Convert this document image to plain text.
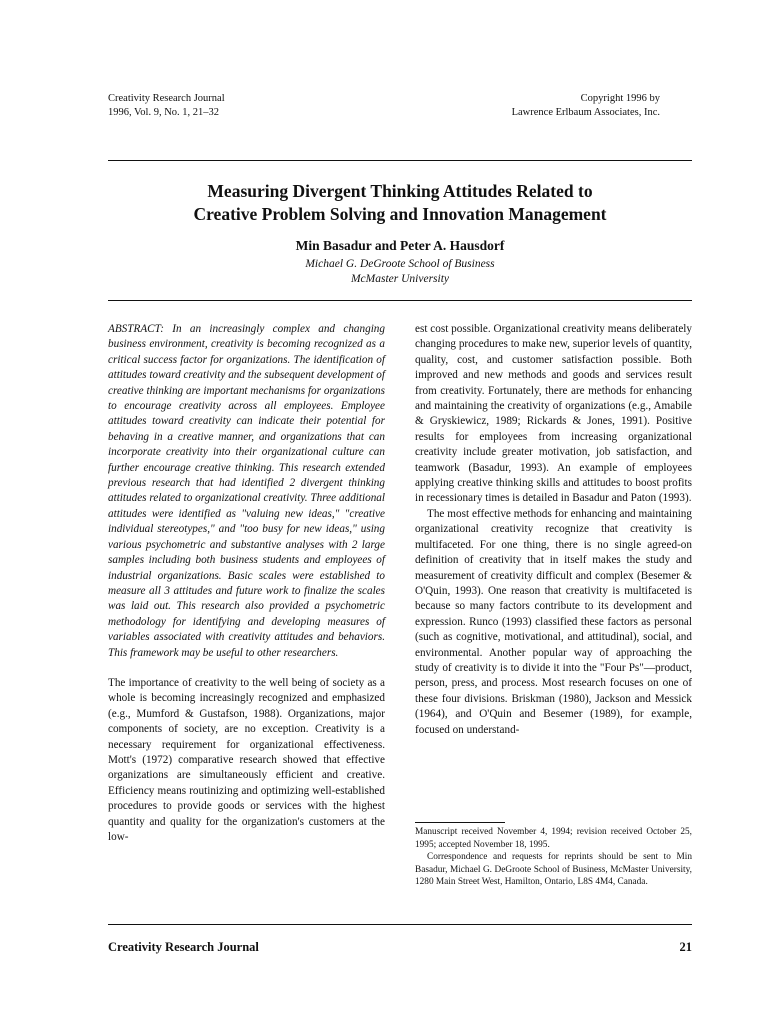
Creativity Research Journal
1996, Vol. 9, No. 1, 21–32
Copyright 1996 by
Lawrence Erlbaum Associates, Inc.
Measuring Divergent Thinking Attitudes Related to
Creative Problem Solving and Innovation Management
Min Basadur and Peter A. Hausdorf
Michael G. DeGroote School of Business
McMaster University

ABSTRACT: In an increasingly complex and changing business environment, creativity is becoming recognized as a critical success factor for organizations. The identification of attitudes toward creativity and the subsequent development of creative thinking are important mechanisms for organizations to encourage creativity across all employees. Employee attitudes toward creativity can indicate their potential for behaving in a creative manner, and organizations that can incorporate creativity into their organizational culture can further encourage creative thinking. This research extended previous research that had identified 2 divergent thinking attitudes related to organizational creativity. Three additional attitudes were identified as "valuing new ideas," "creative individual stereotypes," and "too busy for new ideas," using various psychometric and substantive analyses with 2 large samples including both business students and employees of industrial organizations. Basic scales were established to measure all 3 attitudes and future work to finalize the scales was laid out. This research also provided a psychometric methodology for identifying and developing measures of variables associated with creativity attitudes and behaviors. This framework may be useful to other researchers.

The importance of creativity to the well being of society as a whole is becoming increasingly recognized and emphasized (e.g., Mumford & Gustafson, 1988). Organizations, major components of society, are no exception. Creativity is a necessary requirement for organizational effectiveness. Mott's (1972) comparative research showed that effective organizations are simultaneously efficient and creative. Efficiency means routinizing and optimizing well-established procedures to provide goods or services with the highest quantity and quality for the organization's customers at the low-

est cost possible. Organizational creativity means deliberately changing procedures to make new, superior levels of quantity, quality, cost, and customer satisfaction possible. Both improved and new methods and goods and services result from creativity. Fortunately, there are methods for enhancing and maintaining the creativity of organizations (e.g., Amabile & Gryskiewicz, 1989; Rickards & Jones, 1991). Positive results for employees from increasing organizational creativity include greater motivation, job satisfaction, and teamwork (Basadur, 1993). An example of employees applying creative thinking skills and attitudes to boost profits in recessionary times is detailed in Basadur and Paton (1993).

The most effective methods for enhancing and maintaining organizational creativity recognize that creativity is multifaceted. For one thing, there is no single agreed-on definition of creativity that in itself makes the study and measurement of creativity difficult and complex (Besemer & O'Quin, 1993). One reason that creativity is multifaceted is because so many factors contribute to its development and expression. Runco (1993) classified these factors as personal (such as cognitive, motivational, and attitudinal), social, and environmental. Another popular way of approaching the study of creativity is to divide it into the "Four Ps"—product, person, press, and process. Most research focuses on one of these four divisions. Briskman (1980), Jackson and Messick (1964), and O'Quin and Besemer (1989), for example, focused on understand-

Manuscript received November 4, 1994; revision received October 25, 1995; accepted November 18, 1995.

Correspondence and requests for reprints should be sent to Min Basadur, Michael G. DeGroote School of Business, McMaster University, 1280 Main Street West, Hamilton, Ontario, L8S 4M4, Canada.

Creativity Research Journal	21
